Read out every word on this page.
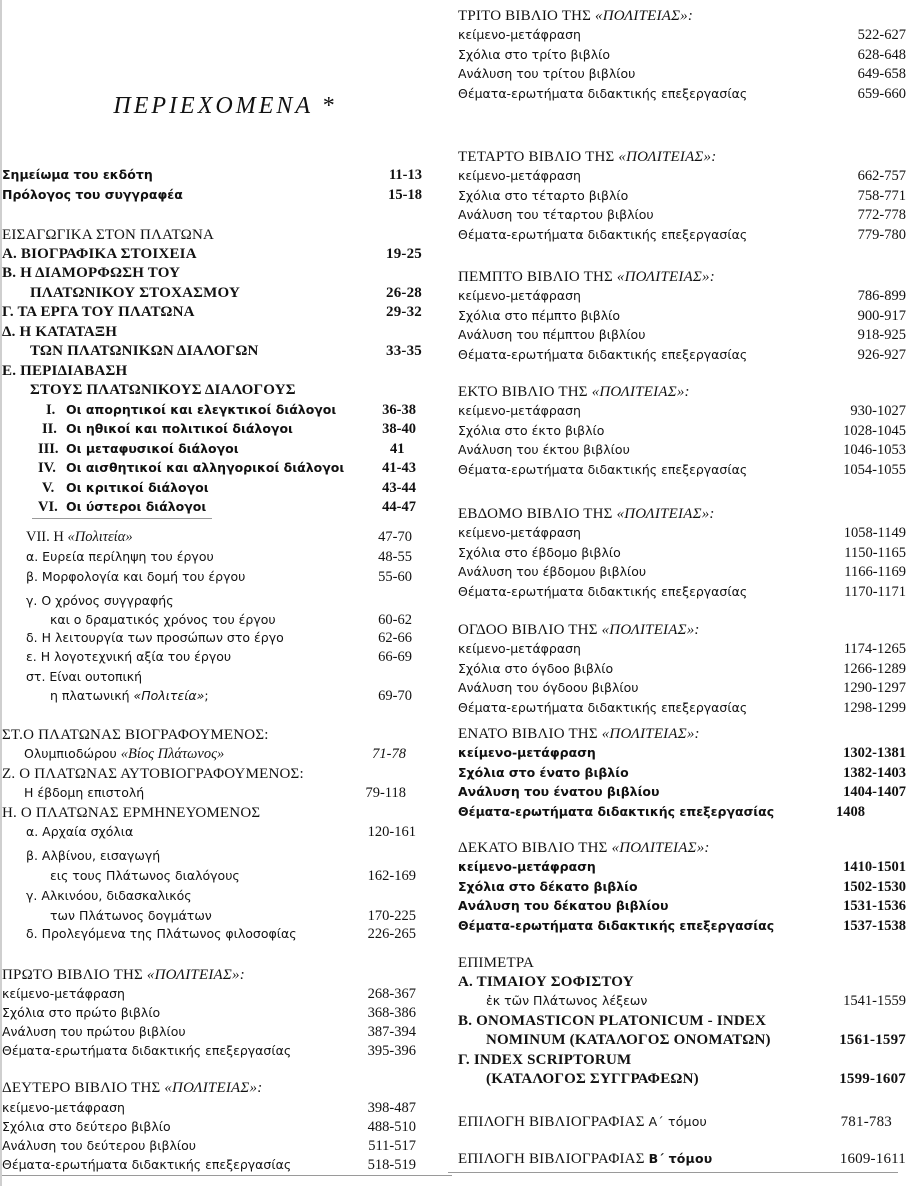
ΠΕΡΙΕΧΟΜΕΝΑ *
Σημείωμα του εκδότη	11-13
Πρόλογος του συγγραφέα	15-18
ΕΙΣΑΓΩΓΙΚΑ ΣΤΟΝ ΠΛΑΤΩΝΑ
Α. ΒΙΟΓΡΑΦΙΚΑ ΣΤΟΙΧΕΙΑ	19-25
Β. Η ΔΙΑΜΟΡΦΩΣΗ ΤΟΥ
ΠΛΑΤΩΝΙΚΟΥ ΣΤΟΧΑΣΜΟΥ	26-28
Γ. ΤΑ ΕΡΓΑ ΤΟΥ ΠΛΑΤΩΝΑ	29-32
Δ. Η ΚΑΤΑΤΑΞΗ
ΤΩΝ ΠΛΑΤΩΝΙΚΩΝ ΔΙΑΛΟΓΩΝ	33-35
Ε. ΠΕΡΙΔΙΑΒΑΣΗ
ΣΤΟΥΣ ΠΛΑΤΩΝΙΚΟΥΣ ΔΙΑΛΟΓΟΥΣ
I. Οι απορητικοί και ελεγκτικοί διάλογοι	36-38
II. Οι ηθικοί και πολιτικοί διάλογοι	38-40
III. Οι μεταφυσικοί διάλογοι	41
IV. Οι αισθητικοί και αλληγορικοί διάλογοι	41-43
V. Οι κριτικοί διάλογοι	43-44
VI. Οι ύστεροι διάλογοι	44-47
VII. Η «Πολιτεία»	47-70
α. Ευρεία περίληψη του έργου	48-55
β. Μορφολογία και δομή του έργου	55-60
γ. Ο χρόνος συγγραφής
και ο δραματικός χρόνος του έργου	60-62
δ. Η λειτουργία των προσώπων στο έργο	62-66
ε. Η λογοτεχνική αξία του έργου	66-69
στ. Είναι ουτοπική
η πλατωνική «Πολιτεία»;	69-70
ΣΤ.Ο ΠΛΑΤΩΝΑΣ ΒΙΟΓΡΑΦΟΥΜΕΝΟΣ:
Ολυμπιοδώρου «Βίος Πλάτωνος»	71-78
Ζ. Ο ΠΛΑΤΩΝΑΣ ΑΥΤΟΒΙΟΓΡΑΦΟΥΜΕΝΟΣ:
Η έβδομη επιστολή	79-118
Η. Ο ΠΛΑΤΩΝΑΣ ΕΡΜΗΝΕΥΟΜΕΝΟΣ
α. Αρχαία σχόλια	120-161
β. Αλβίνου, εισαγωγή
εις τους Πλάτωνος διαλόγους	162-169
γ. Αλκινόου, διδασκαλικός
των Πλάτωνος δογμάτων	170-225
δ. Προλεγόμενα της Πλάτωνος φιλοσοφίας	226-265
ΠΡΩΤΟ ΒΙΒΛΙΟ ΤΗΣ «ΠΟΛΙΤΕΙΑΣ»:
κείμενο-μετάφραση	268-367
Σχόλια στο πρώτο βιβλίο	368-386
Ανάλυση του πρώτου βιβλίου	387-394
Θέματα-ερωτήματα διδακτικής επεξεργασίας	395-396
ΔΕΥΤΕΡΟ ΒΙΒΛΙΟ ΤΗΣ «ΠΟΛΙΤΕΙΑΣ»:
κείμενο-μετάφραση	398-487
Σχόλια στο δεύτερο βιβλίο	488-510
Ανάλυση του δεύτερου βιβλίου	511-517
Θέματα-ερωτήματα διδακτικής επεξεργασίας	518-519
ΤΡΙΤΟ ΒΙΒΛΙΟ ΤΗΣ «ΠΟΛΙΤΕΙΑΣ»:
κείμενο-μετάφραση	522-627
Σχόλια στο τρίτο βιβλίο	628-648
Ανάλυση του τρίτου βιβλίου	649-658
Θέματα-ερωτήματα διδακτικής επεξεργασίας	659-660
ΤΕΤΑΡΤΟ ΒΙΒΛΙΟ ΤΗΣ «ΠΟΛΙΤΕΙΑΣ»:
κείμενο-μετάφραση	662-757
Σχόλια στο τέταρτο βιβλίο	758-771
Ανάλυση του τέταρτου βιβλίου	772-778
Θέματα-ερωτήματα διδακτικής επεξεργασίας	779-780
ΠΕΜΠΤΟ ΒΙΒΛΙΟ ΤΗΣ «ΠΟΛΙΤΕΙΑΣ»:
κείμενο-μετάφραση	786-899
Σχόλια στο πέμπτο βιβλίο	900-917
Ανάλυση του πέμπτου βιβλίου	918-925
Θέματα-ερωτήματα διδακτικής επεξεργασίας	926-927
ΕΚΤΟ ΒΙΒΛΙΟ ΤΗΣ «ΠΟΛΙΤΕΙΑΣ»:
κείμενο-μετάφραση	930-1027
Σχόλια στο έκτο βιβλίο	1028-1045
Ανάλυση του έκτου βιβλίου	1046-1053
Θέματα-ερωτήματα διδακτικής επεξεργασίας	1054-1055
ΕΒΔΟΜΟ ΒΙΒΛΙΟ ΤΗΣ «ΠΟΛΙΤΕΙΑΣ»:
κείμενο-μετάφραση	1058-1149
Σχόλια στο έβδομο βιβλίο	1150-1165
Ανάλυση του έβδομου βιβλίου	1166-1169
Θέματα-ερωτήματα διδακτικής επεξεργασίας	1170-1171
ΟΓΔΟΟ ΒΙΒΛΙΟ ΤΗΣ «ΠΟΛΙΤΕΙΑΣ»:
κείμενο-μετάφραση	1174-1265
Σχόλια στο όγδοο βιβλίο	1266-1289
Ανάλυση του όγδοου βιβλίου	1290-1297
Θέματα-ερωτήματα διδακτικής επεξεργασίας	1298-1299
ΕΝΑΤΟ ΒΙΒΛΙΟ ΤΗΣ «ΠΟΛΙΤΕΙΑΣ»:
κείμενο-μετάφραση	1302-1381
Σχόλια στο ένατο βιβλίο	1382-1403
Ανάλυση του ένατου βιβλίου	1404-1407
Θέματα-ερωτήματα διδακτικής επεξεργασίας	1408
ΔΕΚΑΤΟ ΒΙΒΛΙΟ ΤΗΣ «ΠΟΛΙΤΕΙΑΣ»:
κείμενο-μετάφραση	1410-1501
Σχόλια στο δέκατο βιβλίο	1502-1530
Ανάλυση του δέκατου βιβλίου	1531-1536
Θέματα-ερωτήματα διδακτικής επεξεργασίας	1537-1538
ΕΠΙΜΕΤΡΑ
Α. ΤΙΜΑΙΟΥ ΣΟΦΙΣΤΟΥ
ἐκ τῶν Πλάτωνος λέξεων	1541-1559
Β. ONOMASTICON PLATONICUM - INDEX
NOMINUM (ΚΑΤΑΛΟΓΟΣ ΟΝΟΜΑΤΩΝ)	1561-1597
Γ. INDEX SCRIPTORUM
(ΚΑΤΑΛΟΓΟΣ ΣΥΓΓΡΑΦΕΩΝ)	1599-1607
ΕΠΙΛΟΓΗ ΒΙΒΛΙΟΓΡΑΦΙΑΣ Α΄ τόμου	781-783
ΕΠΙΛΟΓΗ ΒΙΒΛΙΟΓΡΑΦΙΑΣ Β΄ τόμου	1609-1611
